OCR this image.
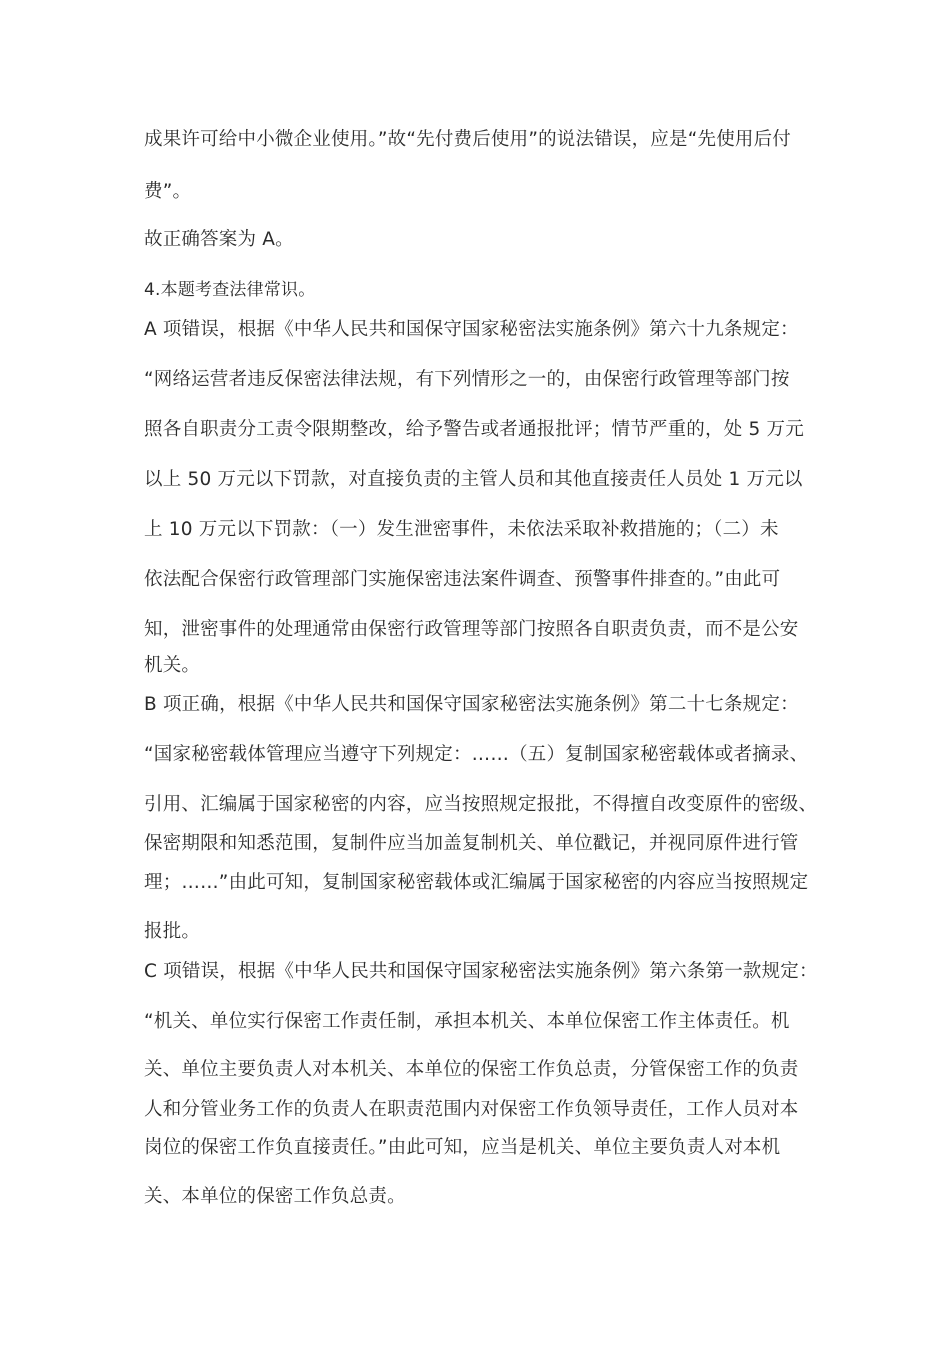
成果许可给中小微企业使用。”故“先付费后使用”的说法错误，应是“先使用后付

费”。

故正确答案为 A。

4.本题考查法律常识。

A 项错误，根据《中华人民共和国保守国家秘密法实施条例》第六十九条规定：

“网络运营者违反保密法律法规，有下列情形之一的，由保密行政管理等部门按

照各自职责分工责令限期整改，给予警告或者通报批评；情节严重的，处 5 万元

以上 50 万元以下罚款，对直接负责的主管人员和其他直接责任人员处 1 万元以

上 10 万元以下罚款：（一）发生泄密事件，未依法采取补救措施的；（二）未

依法配合保密行政管理部门实施保密违法案件调查、预警事件排查的。”由此可

知，泄密事件的处理通常由保密行政管理等部门按照各自职责负责，而不是公安

机关。

B 项正确，根据《中华人民共和国保守国家秘密法实施条例》第二十七条规定：

“国家秘密载体管理应当遵守下列规定：……（五）复制国家秘密载体或者摘录、

引用、汇编属于国家秘密的内容，应当按照规定报批，不得擅自改变原件的密级、

保密期限和知悉范围，复制件应当加盖复制机关、单位戳记，并视同原件进行管

理；……”由此可知，复制国家秘密载体或汇编属于国家秘密的内容应当按照规定

报批。

C 项错误，根据《中华人民共和国保守国家秘密法实施条例》第六条第一款规定：

“机关、单位实行保密工作责任制，承担本机关、本单位保密工作主体责任。机

关、单位主要负责人对本机关、本单位的保密工作负总责，分管保密工作的负责

人和分管业务工作的负责人在职责范围内对保密工作负领导责任，工作人员对本

岗位的保密工作负直接责任。”由此可知，应当是机关、单位主要负责人对本机

关、本单位的保密工作负总责。
